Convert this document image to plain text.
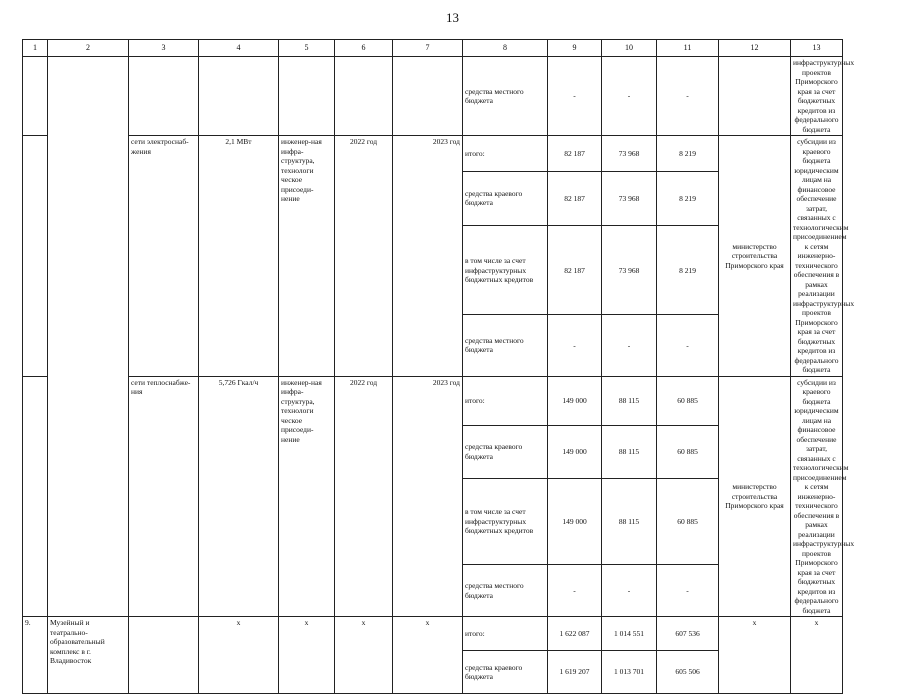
13
1	2	3	4	5	6	7	8	9	10	11	12	13
							средства местного бюджета	-	-	-		инфраструктурных проектов Приморского края за счет бюджетных кредитов из федерального бюджета
		сети электроснаб-жения	2,1 МВт	инженер-ная инфра-структура, технологи ческое присоеди-нение	2022 год	2023 год	итого:	82 187	73 968	8 219	министерство строительства Приморского края	субсидии из краевого бюджета юридическим лицам на финансовое обеспечение затрат, связанных с технологическим присоединением к сетям инженерно-технического обеспечения в рамках реализации инфраструктурных проектов Приморского края за счет бюджетных кредитов из федерального бюджета
							средства краевого бюджета	82 187	73 968	8 219		
							в том числе за счет инфраструктурных бюджетных кредитов	82 187	73 968	8 219		
							средства местного бюджета	-	-	-		
		сети теплоснабже-ния	5,726 Гкал/ч	инженер-ная инфра-структура, технологи ческое присоеди-нение	2022 год	2023 год	итого:	149 000	88 115	60 885	министерство строительства Приморского края	субсидии из краевого бюджета юридическим лицам на финансовое обеспечение затрат, связанных с технологическим присоединением к сетям инженерно-технического обеспечения в рамках реализации инфраструктурных проектов Приморского края за счет бюджетных кредитов из федерального бюджета
							средства краевого бюджета	149 000	88 115	60 885		
							в том числе за счет инфраструктурных бюджетных кредитов	149 000	88 115	60 885		
							средства местного бюджета	-	-	-		
9.	Музейный и театрально-образовательный комплекс в г. Владивосток		x	x	x	x	итого:	1 622 087	1 014 551	607 536	x	x
							средства краевого бюджета	1 619 207	1 013 701	605 506		
